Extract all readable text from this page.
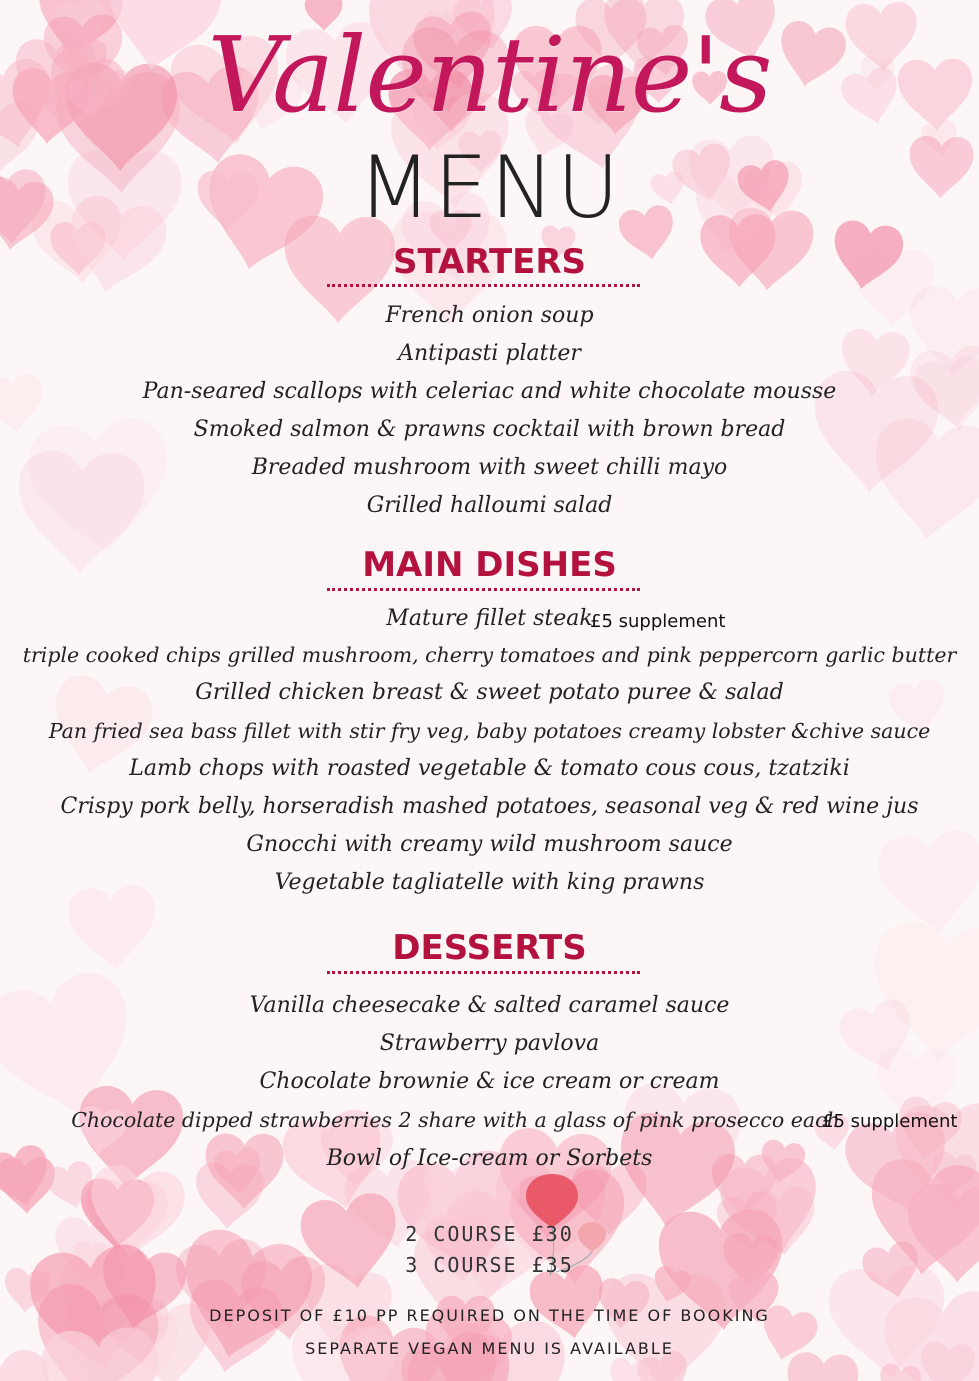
Valentine's
MENU
STARTERS
French onion soup
Antipasti platter
Pan-seared scallops with celeriac and white chocolate mousse
Smoked salmon & prawns cocktail with brown bread
Breaded mushroom with sweet chilli mayo
Grilled halloumi salad
MAIN DISHES
Mature fillet steak
£5 supplement
triple cooked chips grilled mushroom, cherry tomatoes and pink peppercorn garlic butter
Grilled chicken breast & sweet potato puree & salad
Pan fried sea bass fillet with stir fry veg, baby potatoes creamy lobster &chive sauce
Lamb chops with roasted vegetable & tomato cous cous, tzatziki
Crispy pork belly, horseradish mashed potatoes, seasonal veg & red wine jus
Gnocchi with creamy wild mushroom sauce
Vegetable tagliatelle with king prawns
DESSERTS
Vanilla cheesecake & salted caramel sauce
Strawberry pavlova
Chocolate brownie & ice cream or cream
Chocolate dipped strawberries 2 share with a glass of pink prosecco each
£5 supplement
Bowl of Ice-cream or Sorbets
2 COURSE £30
3 COURSE £35
DEPOSIT OF £10 PP REQUIRED ON THE TIME OF BOOKING
SEPARATE VEGAN MENU IS AVAILABLE
